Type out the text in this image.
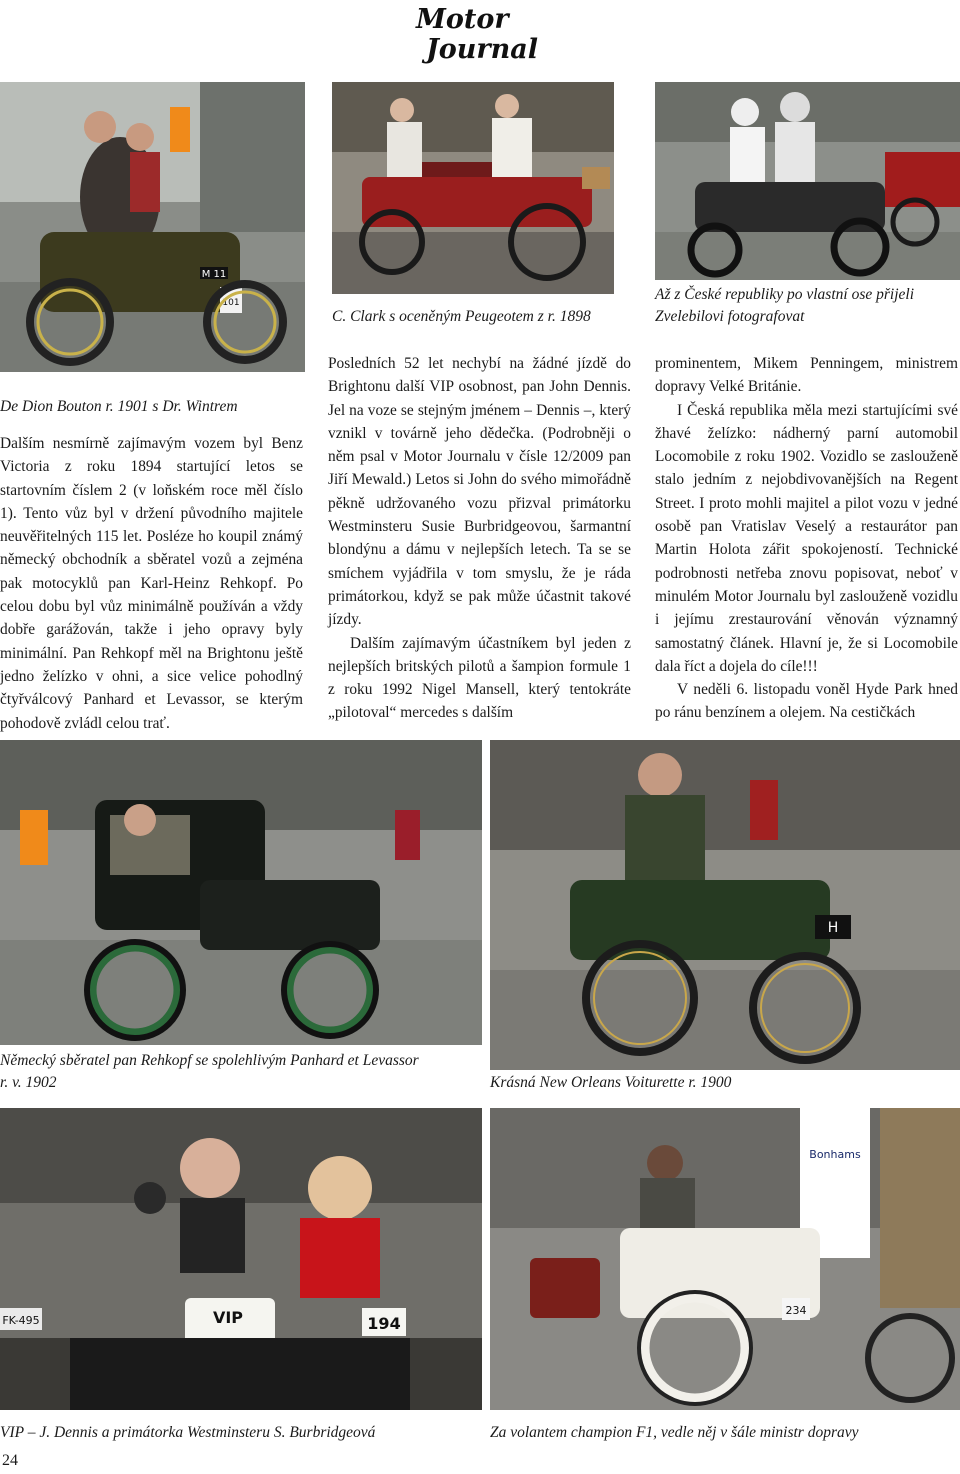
Motor
Journal
M 11
101
De Dion Bouton r. 1901 s Dr. Wintrem
C. Clark s oceněným Peugeotem z r. 1898
Až z České republiky po vlastní ose přijeli
Zvelebilovi fotografovat

Dalším nesmírně zajímavým vozem byl Benz Victoria z roku 1894 startující letos se startovním číslem 2 (v loňském roce měl číslo 1). Tento vůz byl v držení původního majitele neuvěřitelných 115 let. Posléze ho koupil známý německý obchodník a sběratel vozů a zejména pak motocyklů pan Karl-Heinz Rehkopf. Po celou dobu byl vůz minimálně používán a vždy dobře garážován, takže i jeho opravy byly minimální. Pan Rehkopf měl na Brightonu ještě jedno želízko v ohni, a sice velice pohodlný čtyřválcový Panhard et Levassor, se kterým pohodově zvládl celou trať.

Posledních 52 let nechybí na žádné jízdě do Brightonu další VIP osobnost, pan John Dennis. Jel na voze se stejným jménem – Dennis –, který vznikl v továrně jeho dědečka. (Podrobněji o něm psal v Motor Journalu v čísle 12/2009 pan Jiří Mewald.) Letos si John do svého mimořádně pěkně udržovaného vozu přizval primátorku Westminsteru Susie Burbridgeovou, šarmantní blondýnu a dámu v nejlepších letech. Ta se se smíchem vyjádřila v tom smyslu, že je ráda primátorkou, když se pak může účastnit takové jízdy.

Dalším zajímavým účastníkem byl jeden z nejlepších britských pilotů a šampion formule 1 z roku 1992 Nigel Mansell, který tentokráte „pilotoval“ mercedes s dalším

prominentem, Mikem Penningem, ministrem dopravy Velké Británie.

I Česká republika měla mezi startujícími své žhavé želízko: nádherný parní automobil Locomobile z roku 1902. Vozidlo se zaslouženě stalo jedním z nejobdivovanějších na Regent Street. I proto mohli majitel a pilot vozu v jedné osobě pan Vratislav Veselý a restaurátor pan Martin Holota zářit spokojeností. Technické podrobnosti netřeba znovu popisovat, neboť v minulém Motor Journalu byl zaslouženě vozidlu i jejímu zrestaurování věnován významný samostatný článek. Hlavní je, že si Locomobile dala říct a dojela do cíle!!!

V neděli 6. listopadu voněl Hyde Park hned po ránu benzínem a olejem. Na cestičkách

Německý sběratel pan Rehkopf se spolehlivým Panhard et Levassor
r. v. 1902
H
Krásná New Orleans Voiturette r. 1900
VIP	194
FK-495
VIP – J. Dennis a primátorka Westminsteru S. Burbridgeová
Bonhams
234
Za volantem champion F1, vedle něj v šále ministr dopravy
24
